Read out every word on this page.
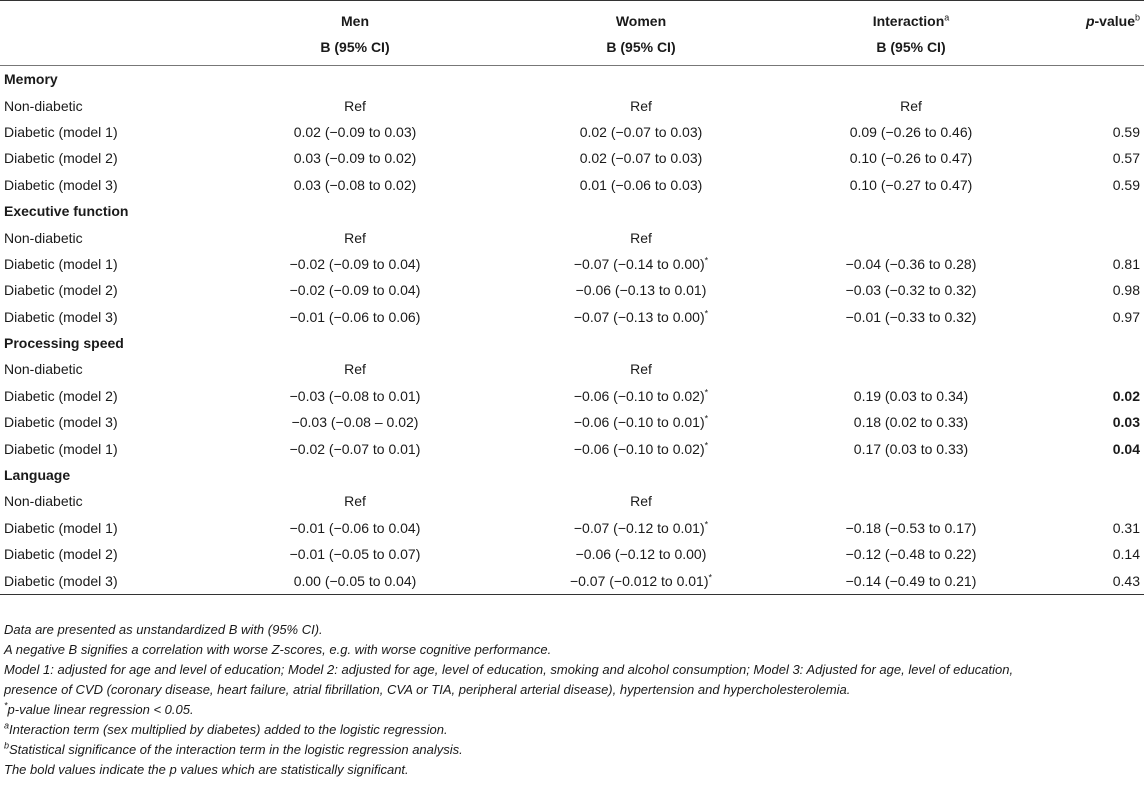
	Men	Women	Interaction$^a$	p-value$^b$
	B (95% CI)	B (95% CI)	B (95% CI)	
Memory				
Non-diabetic	Ref	Ref	Ref	
Diabetic (model 1)	0.02 (−0.09 to 0.03)	0.02 (−0.07 to 0.03)	0.09 (−0.26 to 0.46)	0.59
Diabetic (model 2)	0.03 (−0.09 to 0.02)	0.02 (−0.07 to 0.03)	0.10 (−0.26 to 0.47)	0.57
Diabetic (model 3)	0.03 (−0.08 to 0.02)	0.01 (−0.06 to 0.03)	0.10 (−0.27 to 0.47)	0.59
Executive function				
Non-diabetic	Ref	Ref		
Diabetic (model 1)	−0.02 (−0.09 to 0.04)	−0.07 (−0.14 to 0.00)*	−0.04 (−0.36 to 0.28)	0.81
Diabetic (model 2)	−0.02 (−0.09 to 0.04)	−0.06 (−0.13 to 0.01)	−0.03 (−0.32 to 0.32)	0.98
Diabetic (model 3)	−0.01 (−0.06 to 0.06)	−0.07 (−0.13 to 0.00)*	−0.01 (−0.33 to 0.32)	0.97
Processing speed				
Non-diabetic	Ref	Ref		
Diabetic (model 2)	−0.03 (−0.08 to 0.01)	−0.06 (−0.10 to 0.02)*	0.19 (0.03 to 0.34)	0.02
Diabetic (model 3)	−0.03 (−0.08 – 0.02)	−0.06 (−0.10 to 0.01)*	0.18 (0.02 to 0.33)	0.03
Diabetic (model 1)	−0.02 (−0.07 to 0.01)	−0.06 (−0.10 to 0.02)*	0.17 (0.03 to 0.33)	0.04
Language				
Non-diabetic	Ref	Ref		
Diabetic (model 1)	−0.01 (−0.06 to 0.04)	−0.07 (−0.12 to 0.01)*	−0.18 (−0.53 to 0.17)	0.31
Diabetic (model 2)	−0.01 (−0.05 to 0.07)	−0.06 (−0.12 to 0.00)	−0.12 (−0.48 to 0.22)	0.14
Diabetic (model 3)	0.00 (−0.05 to 0.04)	−0.07 (−0.012 to 0.01)*	−0.14 (−0.49 to 0.21)	0.43
Data are presented as unstandardized B with (95% CI).
A negative B signifies a correlation with worse Z-scores, e.g. with worse cognitive performance.
Model 1: adjusted for age and level of education; Model 2: adjusted for age, level of education, smoking and alcohol consumption; Model 3: Adjusted for age, level of education,
presence of CVD (coronary disease, heart failure, atrial fibrillation, CVA or TIA, peripheral arterial disease), hypertension and hypercholesterolemia.
*p-value linear regression < 0.05.
$^a$Interaction term (sex multiplied by diabetes) added to the logistic regression.
$^b$Statistical significance of the interaction term in the logistic regression analysis.
The bold values indicate the p values which are statistically significant.
